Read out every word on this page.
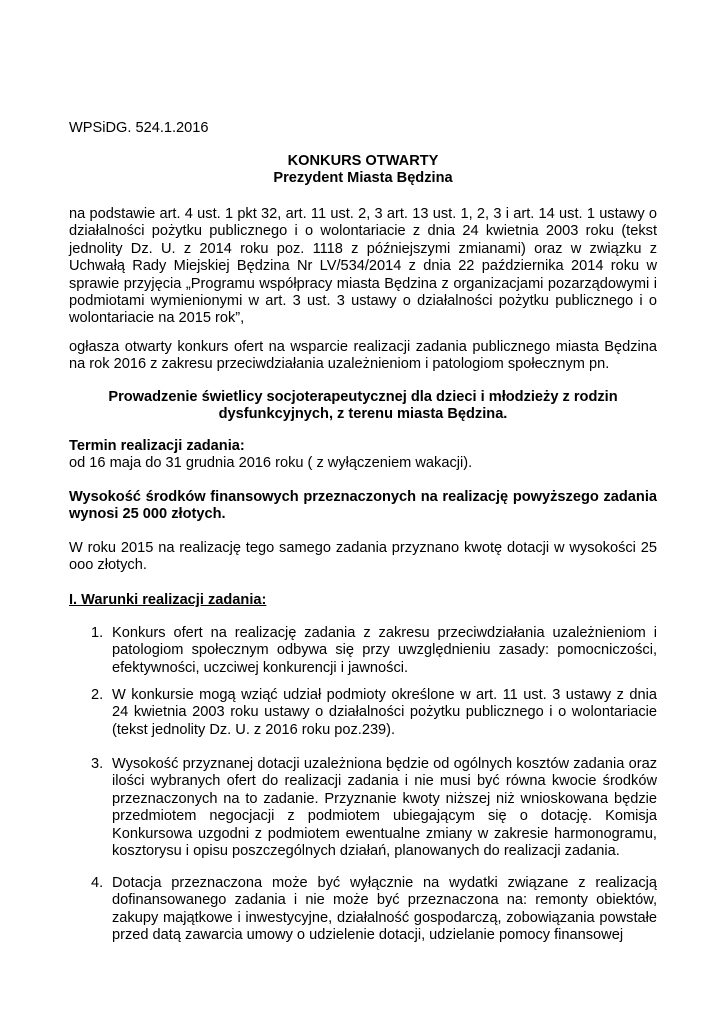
WPSiDG. 524.1.2016

KONKURS OTWARTY
Prezydent Miasta Będzina

na podstawie art. 4 ust. 1 pkt 32, art. 11 ust. 2, 3 art. 13 ust. 1, 2, 3 i art. 14 ust. 1 ustawy o działalności pożytku publicznego i o wolontariacie z dnia 24 kwietnia 2003 roku (tekst jednolity Dz. U. z 2014 roku poz. 1118 z późniejszymi zmianami) oraz w związku z Uchwałą Rady Miejskiej Będzina Nr LV/534/2014 z dnia 22 października 2014 roku w sprawie przyjęcia „Programu współpracy miasta Będzina z organizacjami pozarządowymi i podmiotami wymienionymi w art. 3 ust. 3 ustawy o działalności pożytku publicznego i o wolontariacie na 2015 rok”,

ogłasza otwarty konkurs ofert na wsparcie realizacji zadania publicznego miasta Będzina na rok 2016 z zakresu przeciwdziałania uzależnieniom i patologiom społecznym pn.

Prowadzenie świetlicy socjoterapeutycznej dla dzieci i młodzieży z rodzin dysfunkcyjnych, z terenu miasta Będzina.

Termin realizacji zadania:

od 16 maja do 31 grudnia 2016 roku ( z wyłączeniem wakacji).

Wysokość środków finansowych przeznaczonych na realizację powyższego zadania wynosi 25 000 złotych.

W roku 2015 na realizację tego samego zadania przyznano kwotę dotacji w wysokości 25 ooo złotych.

I. Warunki realizacji zadania:

1. Konkurs ofert na realizację zadania z zakresu przeciwdziałania uzależnieniom i patologiom społecznym odbywa się przy uwzględnieniu zasady: pomocniczości, efektywności, uczciwej konkurencji i jawności.
2. W konkursie mogą wziąć udział podmioty określone w art. 11 ust. 3 ustawy z dnia 24 kwietnia 2003 roku ustawy o działalności pożytku publicznego i o wolontariacie (tekst jednolity Dz. U. z 2016 roku poz.239).
3. Wysokość przyznanej dotacji uzależniona będzie od ogólnych kosztów zadania oraz ilości wybranych ofert do realizacji zadania i nie musi być równa kwocie środków przeznaczonych na to zadanie. Przyznanie kwoty niższej niż wnioskowana będzie przedmiotem negocjacji z podmiotem ubiegającym się o dotację. Komisja Konkursowa uzgodni z podmiotem ewentualne zmiany w zakresie harmonogramu, kosztorysu i opisu poszczególnych działań, planowanych do realizacji zadania.
4. Dotacja przeznaczona może być wyłącznie na wydatki związane z realizacją dofinansowanego zadania i nie może być przeznaczona na: remonty obiektów, zakupy majątkowe i inwestycyjne, działalność gospodarczą, zobowiązania powstałe przed datą zawarcia umowy o udzielenie dotacji, udzielanie pomocy finansowej
